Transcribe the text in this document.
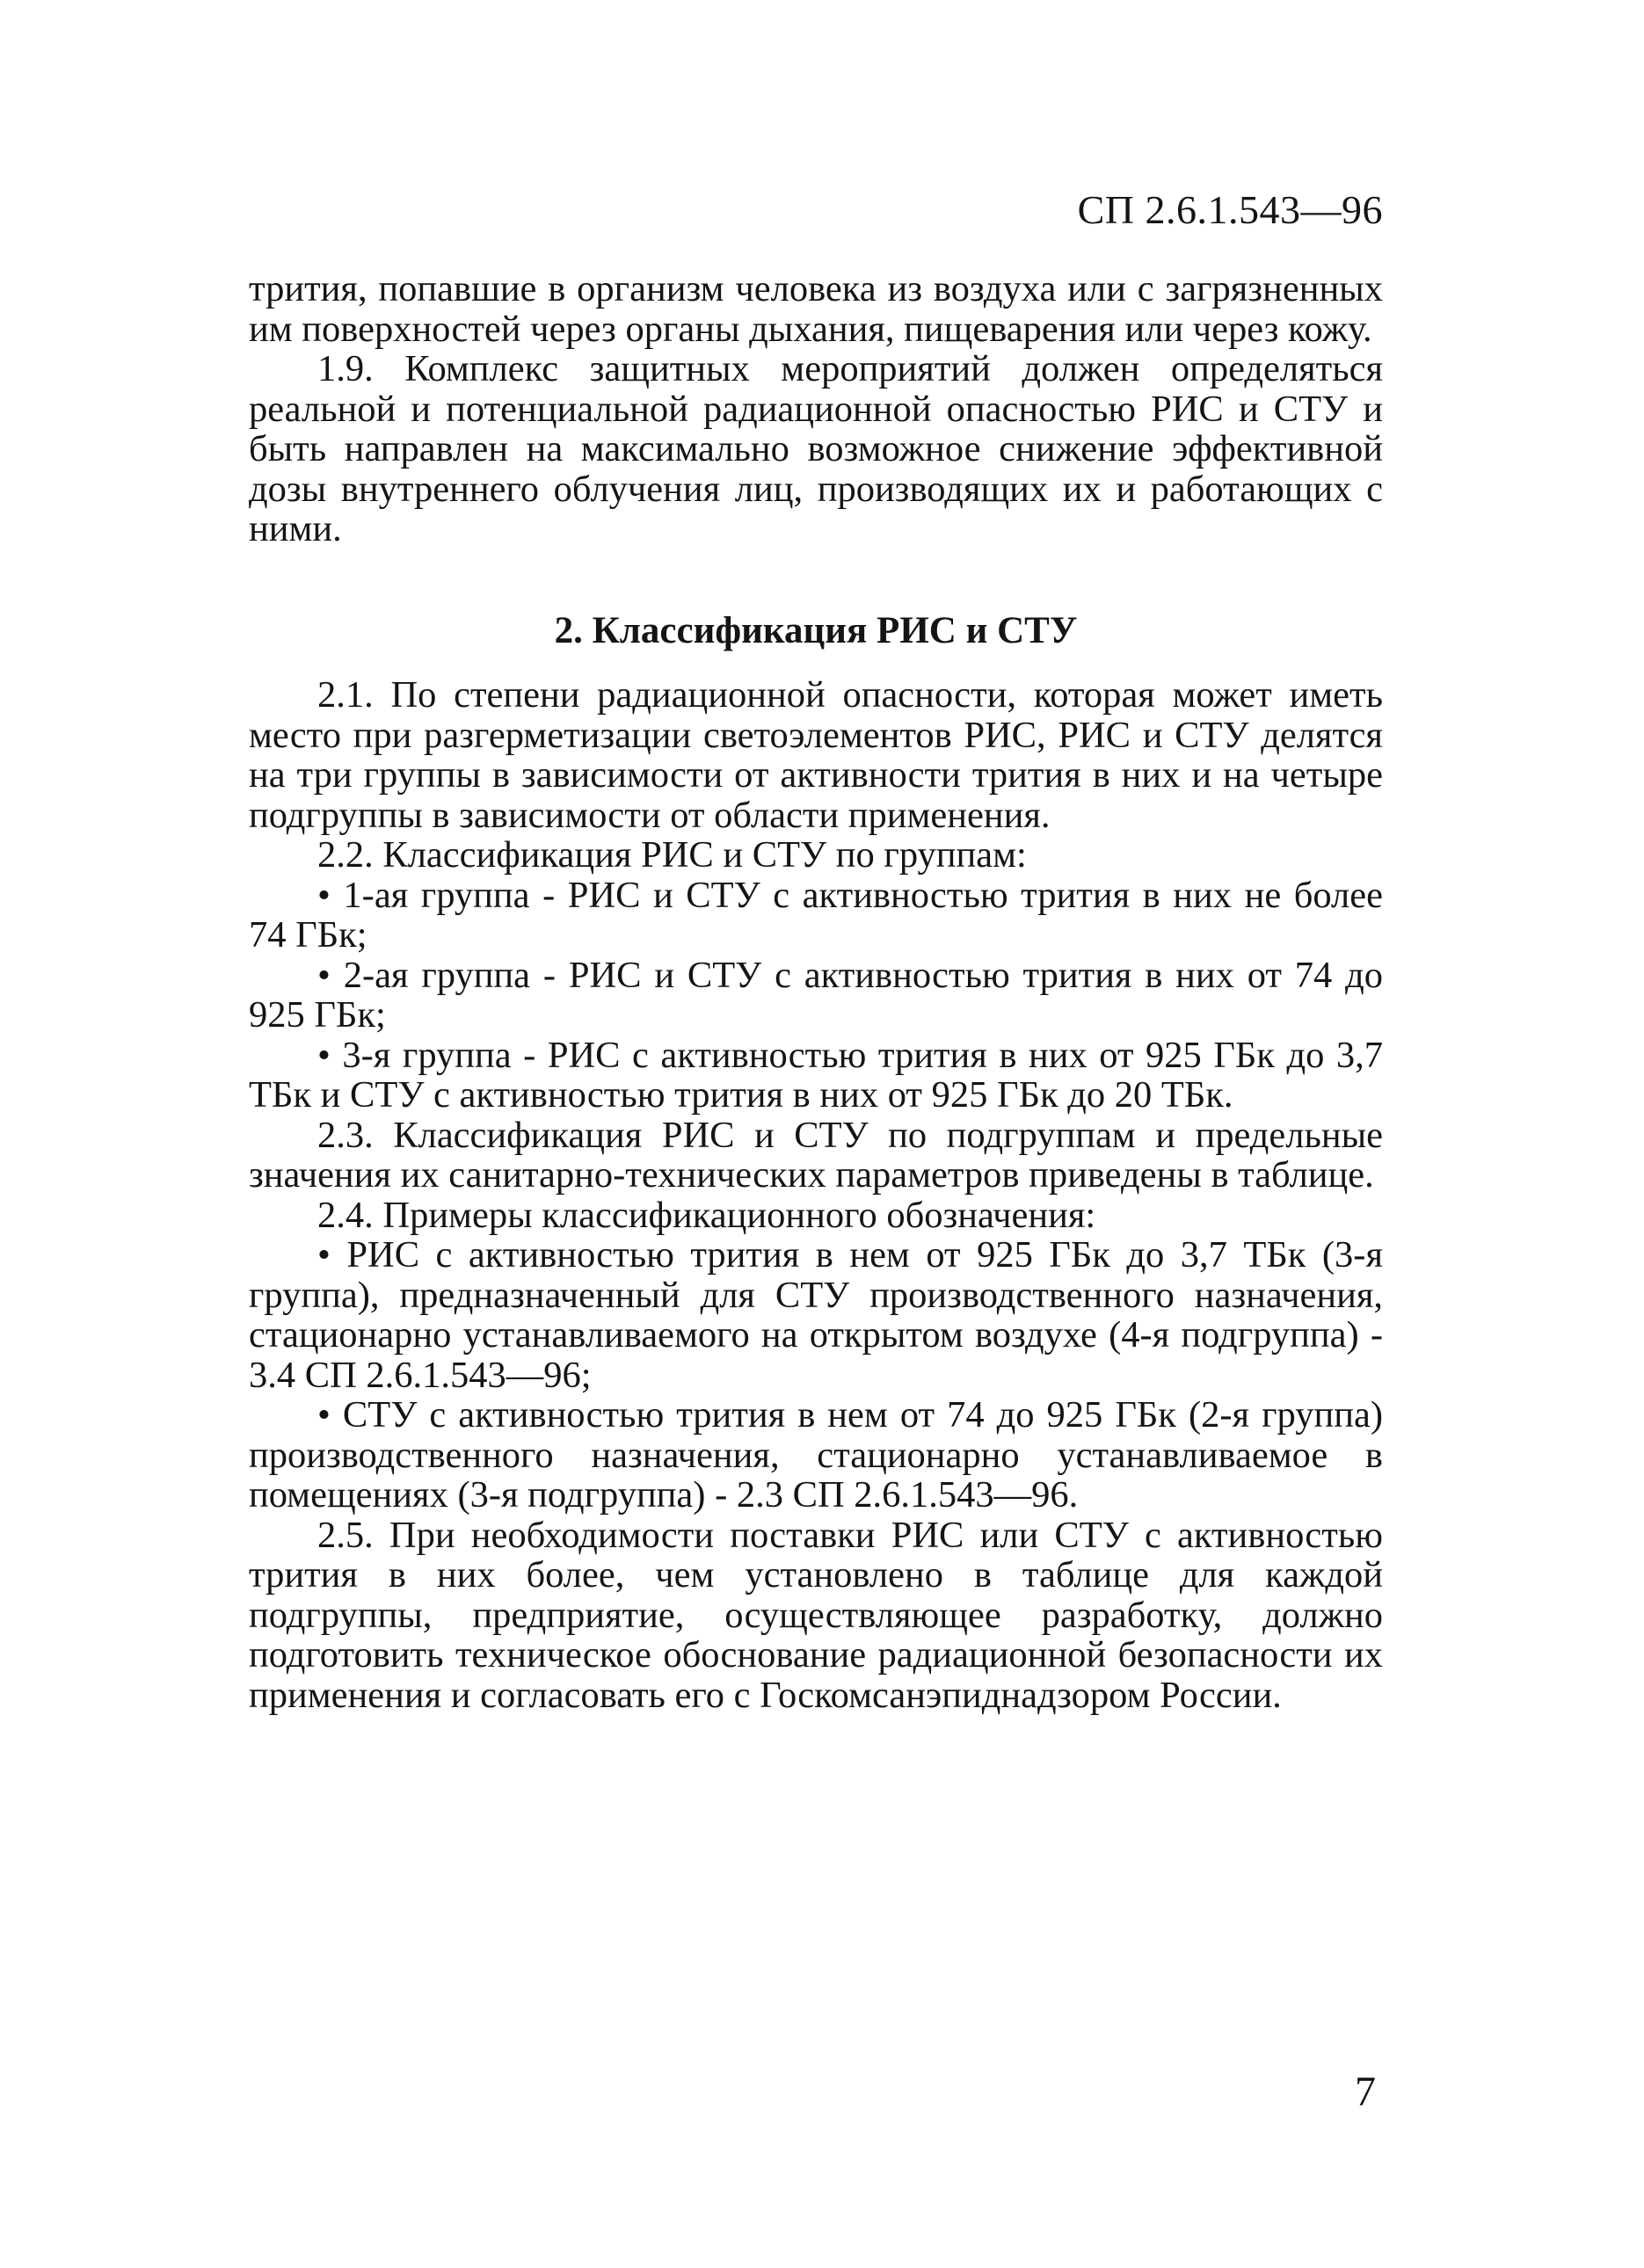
СП 2.6.1.543—96

трития, попавшие в организм человека из воздуха или с загрязненных им поверхностей через органы дыхания, пищеварения или через кожу.

1.9. Комплекс защитных мероприятий должен определяться реальной и потенциальной радиационной опасностью РИС и СТУ и быть направлен на максимально возможное снижение эффективной дозы внутреннего облучения лиц, производящих их и работающих с ними.

2. Классификация РИС и СТУ

2.1. По степени радиационной опасности, которая может иметь место при разгерметизации светоэлементов РИС, РИС и СТУ делятся на три группы в зависимости от активности трития в них и на четыре подгруппы в зависимости от области применения.

2.2. Классификация РИС и СТУ по группам:

• 1-ая группа - РИС и СТУ с активностью трития в них не более 74 ГБк;

• 2-ая группа - РИС и СТУ с активностью трития в них от 74 до 925 ГБк;

• 3-я группа - РИС с активностью трития в них от 925 ГБк до 3,7 ТБк и СТУ с активностью трития в них от 925 ГБк до 20 ТБк.

2.3. Классификация РИС и СТУ по подгруппам и предельные значения их санитарно-технических параметров приведены в таблице.

2.4. Примеры классификационного обозначения:

• РИС с активностью трития в нем от 925 ГБк до 3,7 ТБк (3-я группа), предназначенный для СТУ производственного назначения, стационарно устанавливаемого на открытом воздухе (4-я подгруппа) - 3.4 СП 2.6.1.543—96;

• СТУ с активностью трития в нем от 74 до 925 ГБк (2-я группа) производственного назначения, стационарно устанавливаемое в помещениях (3-я подгруппа) - 2.3 СП 2.6.1.543—96.

2.5. При необходимости поставки РИС или СТУ с активностью трития в них более, чем установлено в таблице для каждой подгруппы, предприятие, осуществляющее разработку, должно подготовить техническое обоснование радиационной безопасности их применения и согласовать его с Госкомсанэпиднадзором России.

7
